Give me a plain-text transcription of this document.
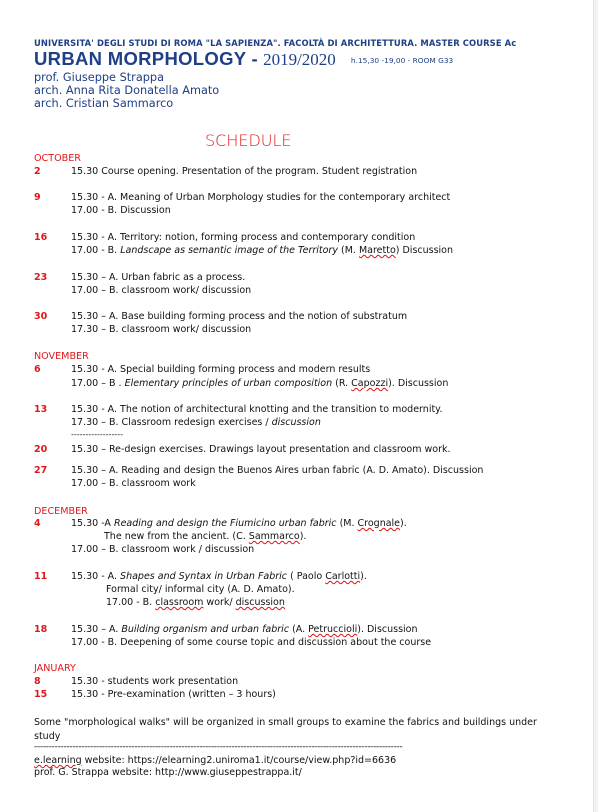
UNIVERSITA' DEGLI STUDI DI ROMA "LA SAPIENZA". FACOLTÀ DI ARCHITETTURA. MASTER COURSE Ac
URBAN MORPHOLOGY - 2019/2020 h.15,30 -19,00 - ROOM G33
prof. Giuseppe Strappa
arch. Anna Rita Donatella Amato
arch. Cristian Sammarco
SCHEDULE
OCTOBER
2	15.30 Course opening. Presentation of the program. Student registration
9	15.30 - A. Meaning of Urban Morphology studies for the contemporary architect
17.00 - B. Discussion
16	15.30 - A. Territory: notion, forming process and contemporary condition
17.00 - B. Landscape as semantic image of the Territory (M. Maretto) Discussion
23	15.30 – A. Urban fabric as a process.
17.00 – B. classroom work/ discussion
30	15.30 – A. Base building forming process and the notion of substratum
17.30 – B. classroom work/ discussion
NOVEMBER
6	15.30 - A. Special building forming process and modern results
17.00 – B . Elementary principles of urban composition (R. Capozzi). Discussion
13	15.30 - A. The notion of architectural knotting and the transition to modernity.
17.30 – B. Classroom redesign exercises / discussion
------------------
20	15.30 – Re-design exercises. Drawings layout presentation and classroom work.
27	15.30 – A. Reading and design the Buenos Aires urban fabric (A. D. Amato). Discussion
17.00 – B. classroom work
DECEMBER
4	15.30 -A Reading and design the Fiumicino urban fabric (M. Crognale).
The new from the ancient. (C. Sammarco).
17.00 – B. classroom work / discussion
11	15.30 - A. Shapes and Syntax in Urban Fabric ( Paolo Carlotti).
Formal city/ informal city (A. D. Amato).
17.00 - B. classroom work/ discussion
18	15.30 – A. Building organism and urban fabric (A. Petruccioli). Discussion
17.00 - B. Deepening of some course topic and discussion about the course
JANUARY
8	15.30 - students work presentation
15	15.30 - Pre-examination (written – 3 hours)
Some "morphological walks" will be organized in small groups to examine the fabrics and buildings under study
-----------------------------------------------------------------------------------------------------------------------------
e.learning website: https://elearning2.uniroma1.it/course/view.php?id=6636
prof. G. Strappa website: http://www.giuseppestrappa.it/
